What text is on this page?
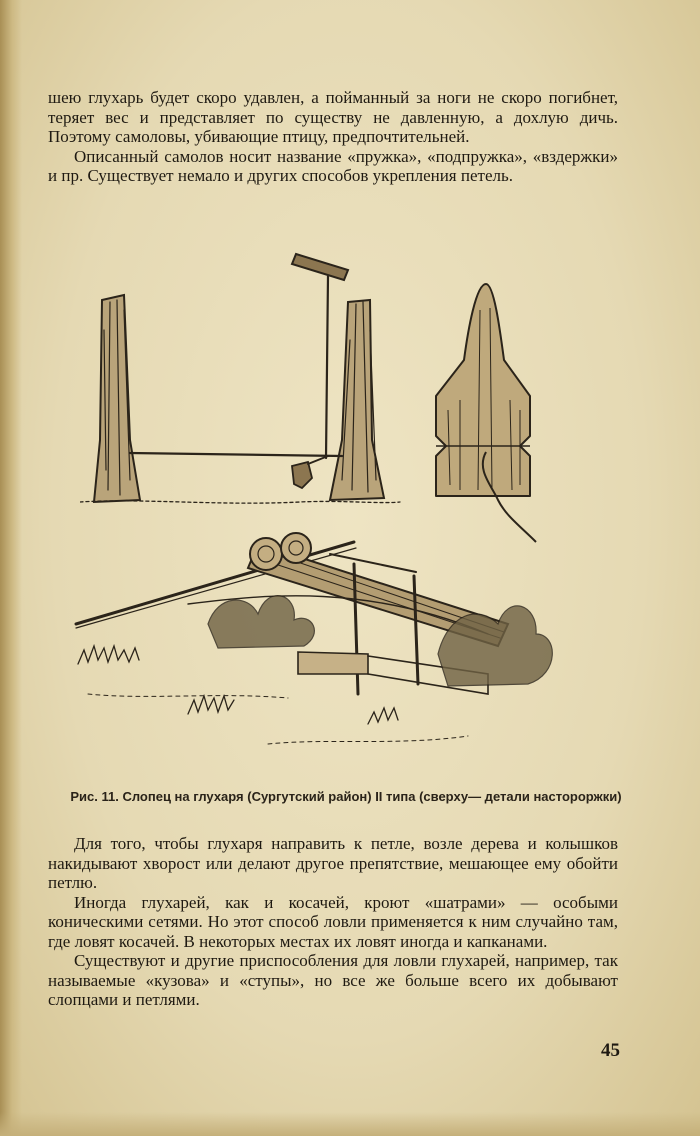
шею глухарь будет скоро удавлен, а пойманный за ноги не скоро погибнет, теряет вес и представляет по существу не давленную, а дохлую дичь. Поэтому самоловы, убивающие птицу, предпочтительней.

Описанный самолов носит название «пружка», «подпружка», «вздержки» и пр. Существует немало и других способов укрепления петель.

Рис. 11. Слопец на глухаря (Сургутский район) II типа (сверху— детали настороржки)

Для того, чтобы глухаря направить к петле, возле дерева и колышков накидывают хворост или делают другое препятствие, мешающее ему обойти петлю.

Иногда глухарей, как и косачей, кроют «шатрами» — особыми коническими сетями. Но этот способ ловли применяется к ним случайно там, где ловят косачей. В некоторых местах их ловят иногда и капканами.

Существуют и другие приспособления для ловли глухарей, например, так называемые «кузова» и «ступы», но все же больше всего их добывают слопцами и петлями.

45
